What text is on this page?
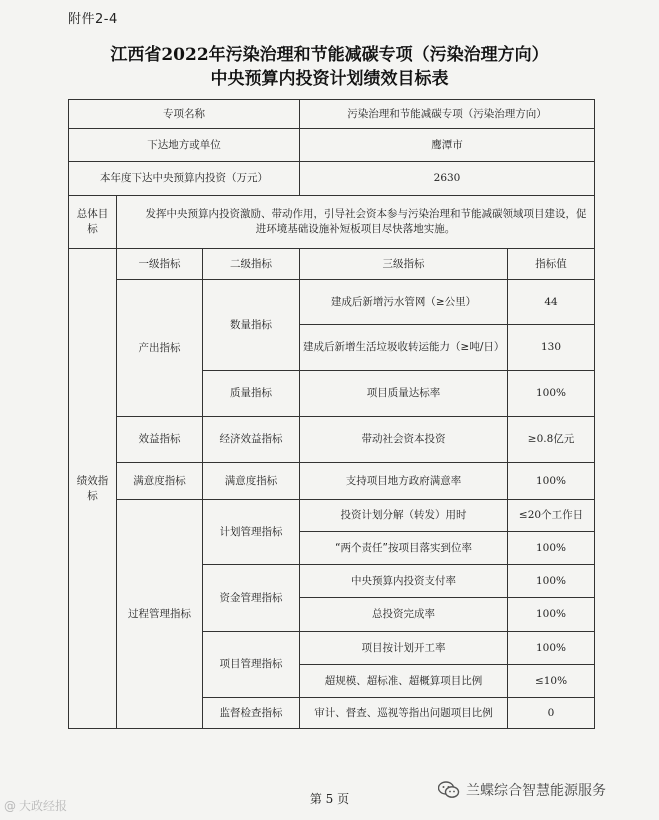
附件2-4
江西省2022年污染治理和节能减碳专项（污染治理方向）
中央预算内投资计划绩效目标表
专项名称			污染治理和节能减碳专项（污染治理方向）	
下达地方或单位			鹰潭市	
本年度下达中央预算内投资（万元）			2630	
总体目标	发挥中央预算内投资激励、带动作用，引导社会资本参与污染治理和节能减碳领域项目建设，促进环境基础设施补短板项目尽快落地实施。			
绩效指标	一级指标	二级指标	三级指标	指标值
	产出指标	数量指标	建成后新增污水管网（≥公里）	44
			建成后新增生活垃圾收转运能力（≥吨/日）	130
		质量指标	项目质量达标率	100%
	效益指标	经济效益指标	带动社会资本投资	≥0.8亿元
	满意度指标	满意度指标	支持项目地方政府满意率	100%
	过程管理指标	计划管理指标	投资计划分解（转发）用时	≤20个工作日
			“两个责任”按项目落实到位率	100%
		资金管理指标	中央预算内投资支付率	100%
			总投资完成率	100%
		项目管理指标	项目按计划开工率	100%
			超规模、超标准、超概算项目比例	≤10%
		监督检查指标	审计、督查、巡视等指出问题项目比例	0
第 5 页
@ 大政经报
兰蝶综合智慧能源服务
